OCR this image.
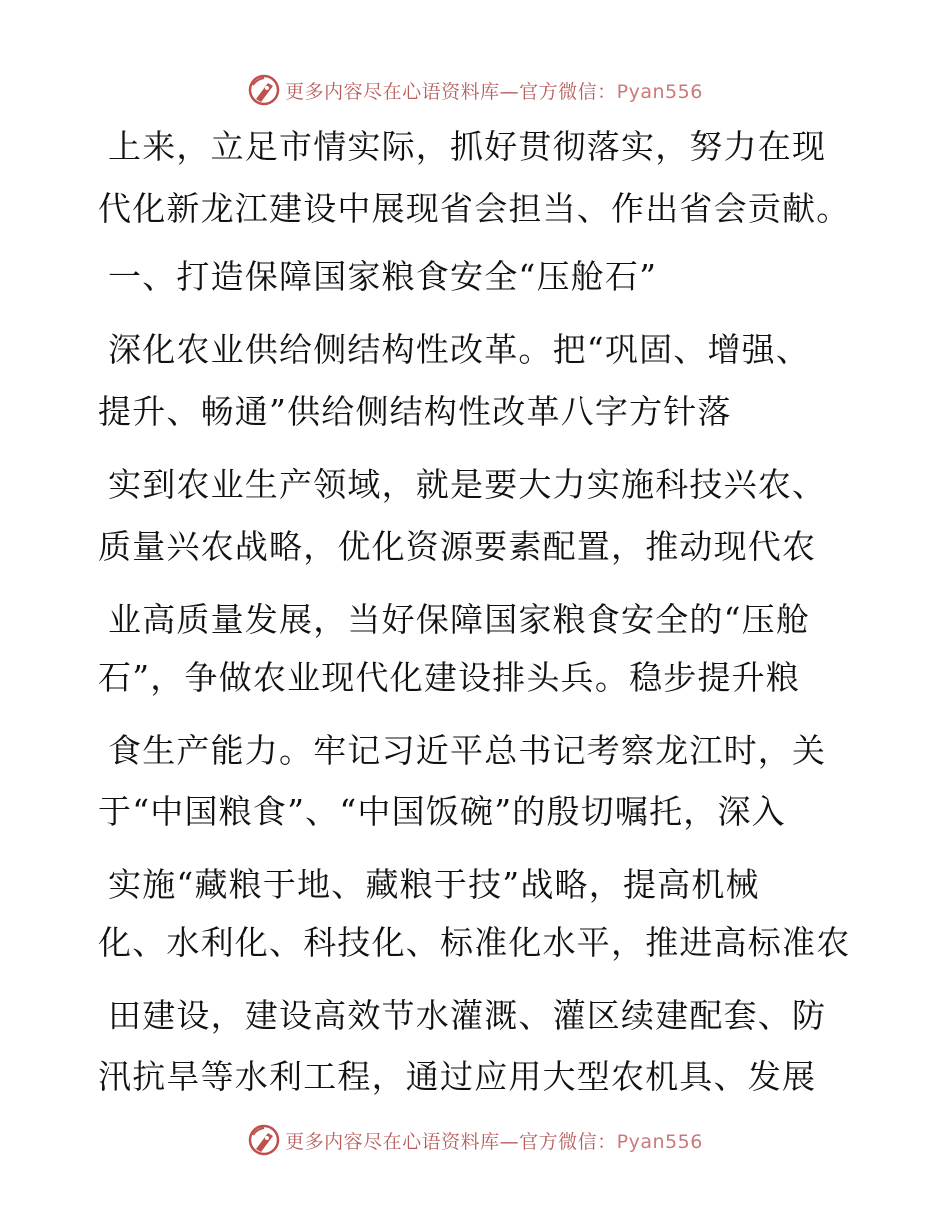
更多内容尽在心语资料库—官方微信：Pyan556
上来，立足市情实际，抓好贯彻落实，努力在现
代化新龙江建设中展现省会担当、作出省会贡献。
一、打造保障国家粮食安全“压舱石”
深化农业供给侧结构性改革。把“巩固、增强、
提升、畅通”供给侧结构性改革八字方针落
实到农业生产领域，就是要大力实施科技兴农、
质量兴农战略，优化资源要素配置，推动现代农
业高质量发展，当好保障国家粮食安全的“压舱
石”，争做农业现代化建设排头兵。稳步提升粮
食生产能力。牢记习近平总书记考察龙江时，关
于“中国粮食”、“中国饭碗”的殷切嘱托，深入
实施“藏粮于地、藏粮于技”战略，提高机械
化、水利化、科技化、标准化水平，推进高标准农
田建设，建设高效节水灌溉、灌区续建配套、防
汛抗旱等水利工程，通过应用大型农机具、发展
更多内容尽在心语资料库—官方微信：Pyan556
